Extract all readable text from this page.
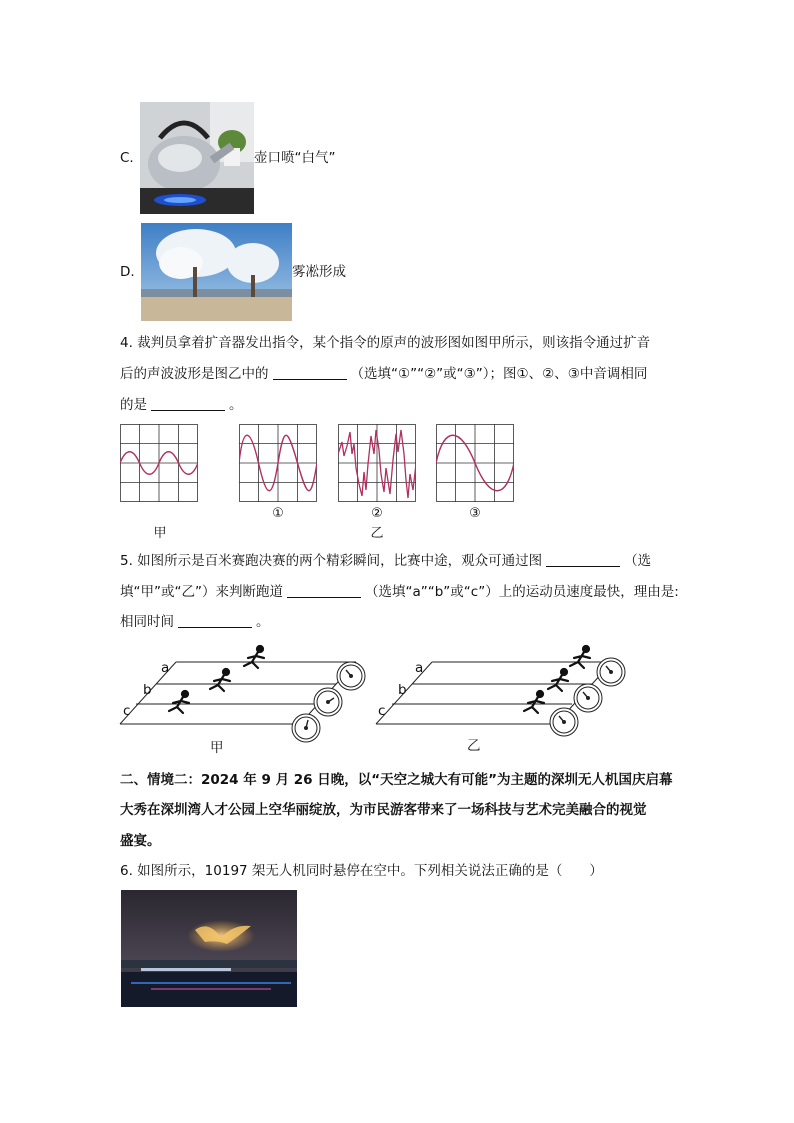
C.	壶口喷“白气”
D.	雾凇形成
4. 裁判员拿着扩音器发出指令，某个指令的原声的波形图如图甲所示，则该指令通过扩音
后的声波波形是图乙中的	（选填“①”“②”或“③”）；图①、②、③中音调相同
的是	。
甲
①	②
乙
③
5. 如图所示是百米赛跑决赛的两个精彩瞬间，比赛中途，观众可通过图	（选
填“甲”或“乙”）来判断跑道	（选填“a”“b”或“c”）上的运动员速度最快，理由是:
相同时间	。
a
b
c
甲
a
b
c
乙
二、情境二：2024 年 9 月 26 日晚，以“天空之城大有可能”为主题的深圳无人机国庆启幕
大秀在深圳湾人才公园上空华丽绽放，为市民游客带来了一场科技与艺术完美融合的视觉
盛宴。
6. 如图所示，10197 架无人机同时悬停在空中。下列相关说法正确的是（　　）
